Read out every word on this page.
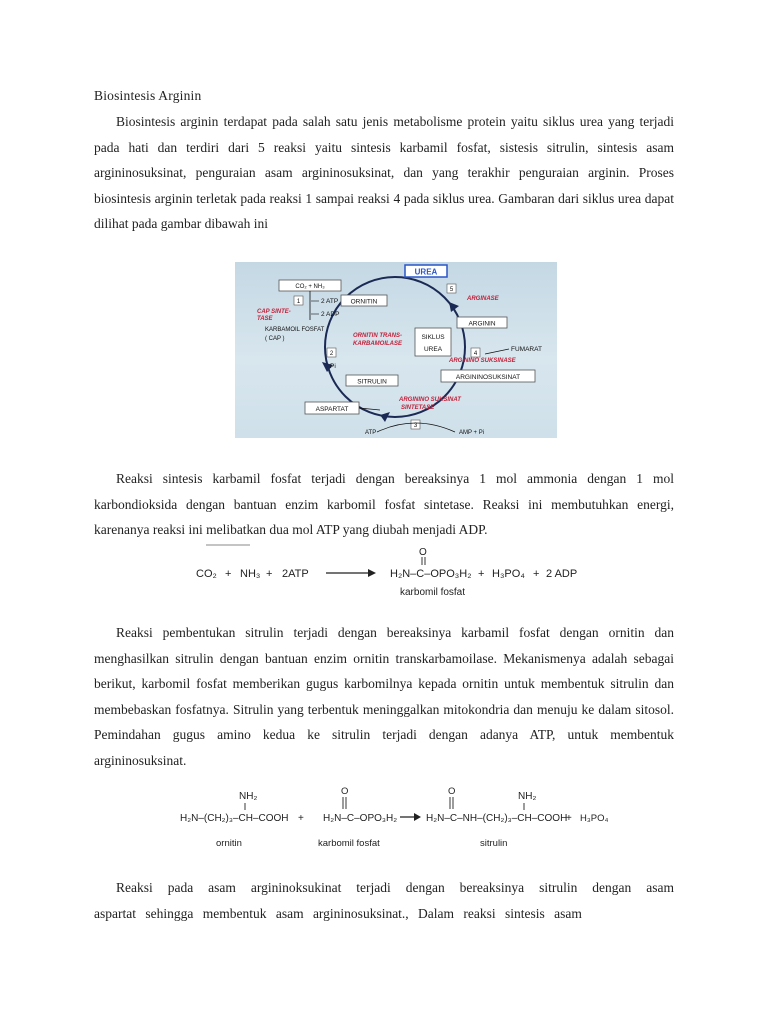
Biosintesis Arginin

Biosintesis arginin terdapat pada salah satu jenis metabolisme protein yaitu siklus urea yang terjadi pada hati dan terdiri dari 5 reaksi yaitu sintesis karbamil fosfat, sistesis sitrulin, sintesis asam argininosuksinat, penguraian asam argininosuksinat, dan yang terakhir penguraian arginin. Proses biosintesis arginin terletak pada reaksi 1 sampai reaksi 4 pada siklus urea. Gambaran dari siklus urea dapat dilihat pada gambar dibawah ini

UREA
CO₂ + NH₃
1	2 ATP
2 ADP
CAP SINTE-
TASE
KARBAMOIL FOSFAT
( CAP )
ORNITIN
5
ARGINASE
ARGININ
ORNITIN TRANS-
KARBAMOILASE
SIKLUS
UREA	FUMARAT
2
Pi
4
ARGININO SUKSINASE
SITRULIN
ARGININOSUKSINAT
ARGININO SUKSINAT
SINTETASE
ASPARTAT
ATP
3
AMP + Pi

Reaksi sintesis karbamil fosfat terjadi dengan bereaksinya 1 mol ammonia dengan 1 mol karbondioksida dengan bantuan enzim karbomil fosfat sintetase. Reaksi ini membutuhkan energi, karenanya reaksi ini melibatkan dua mol ATP yang diubah menjadi ADP.

CO₂ + NH₃ + 2ATP
O
H₂N–C–OPO₃H₂ + H₃PO₄ + 2 ADP
karbomil fosfat

Reaksi pembentukan sitrulin terjadi dengan bereaksinya karbamil fosfat dengan ornitin dan menghasilkan sitrulin dengan bantuan enzim ornitin transkarbamoilase. Mekanismenya adalah sebagai berikut, karbomil fosfat memberikan gugus karbomilnya kepada ornitin untuk membentuk sitrulin dan membebaskan fosfatnya. Sitrulin yang terbentuk meninggalkan mitokondria dan menuju ke dalam sitosol. Pemindahan gugus amino kedua ke sitrulin terjadi dengan adanya ATP, untuk membentuk argininosuksinat.

NH₂
H₂N–(CH₂)₃–CH–COOH
ornitin
+
O
H₂N–C–OPO₃H₂
karbomil fosfat
O	NH₂
H₂N–C–NH–(CH₂)₃–CH–COOH
sitrulin
+ H₃PO₄

Reaksi pada asam argininoksukinat terjadi dengan bereaksinya sitrulin dengan asam aspartat sehingga membentuk asam argininosuksinat., Dalam reaksi sintesis asam
